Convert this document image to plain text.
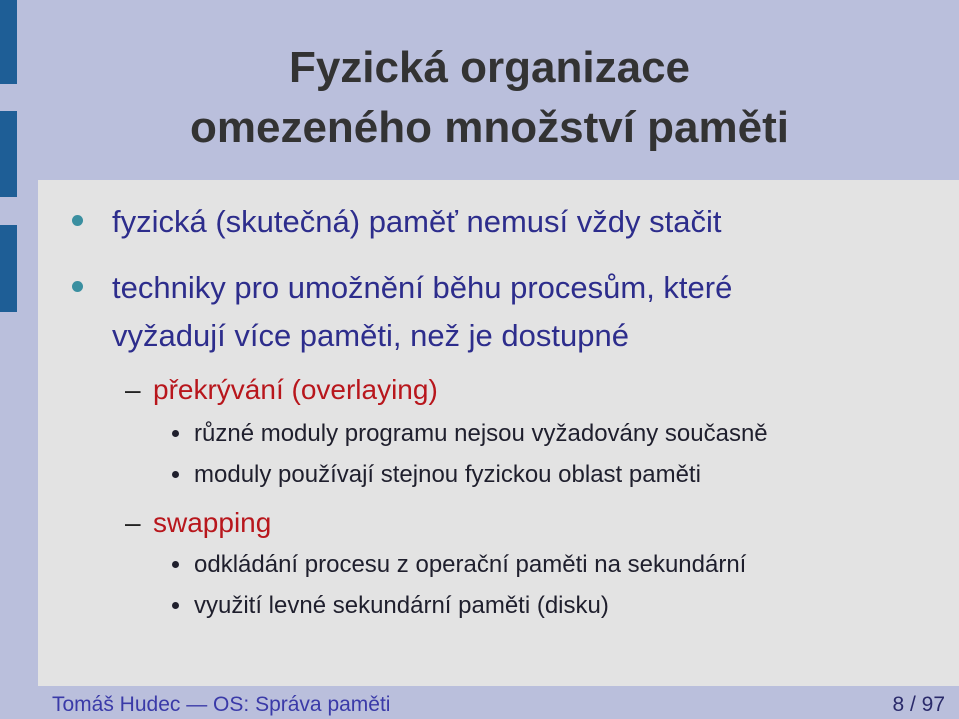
Fyzická organizace
omezeného množství paměti
fyzická (skutečná) paměť nemusí vždy stačit
techniky pro umožnění běhu procesům, které
vyžadují více paměti, než je dostupné
– překrývání (overlaying)
různé moduly programu nejsou vyžadovány současně
moduly používají stejnou fyzickou oblast paměti
– swapping
odkládání procesu z operační paměti na sekundární
využití levné sekundární paměti (disku)
Tomáš Hudec — OS: Správa paměti	8 / 97
